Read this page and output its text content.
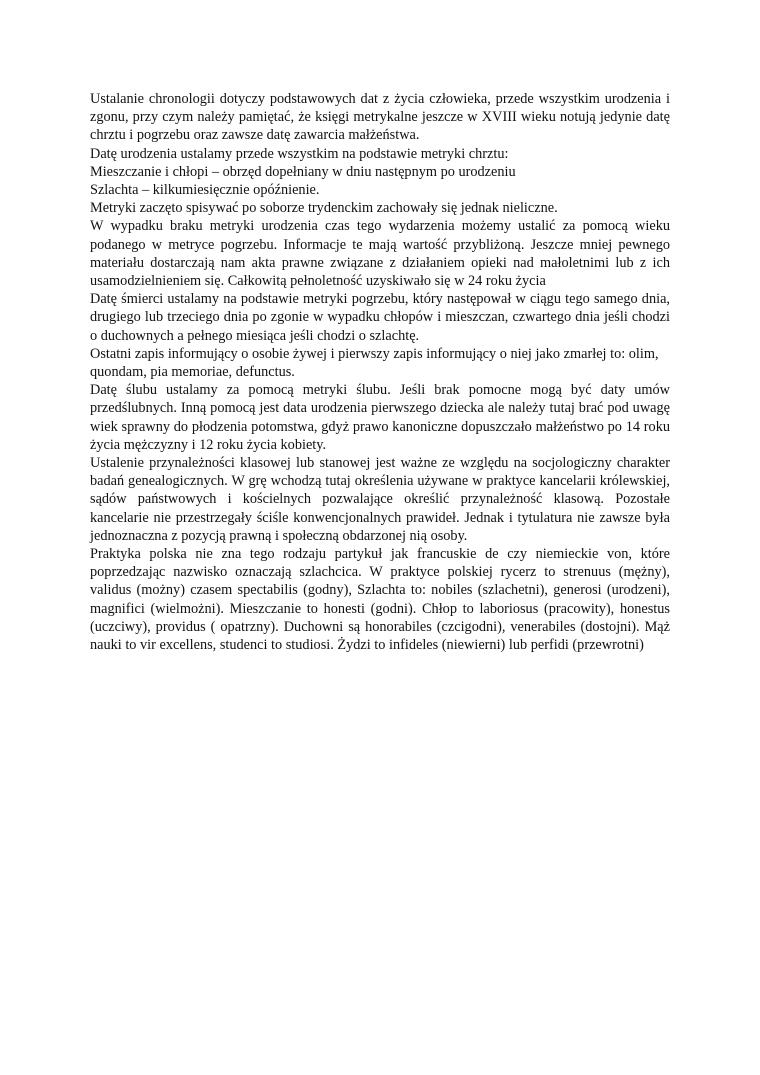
Ustalanie chronologii dotyczy podstawowych dat z życia człowieka, przede wszystkim urodzenia i zgonu, przy czym należy pamiętać, że księgi metrykalne jeszcze w XVIII wieku notują jedynie datę chrztu i pogrzebu oraz zawsze datę zawarcia małżeństwa.

Datę urodzenia ustalamy przede wszystkim na podstawie metryki chrztu:

Mieszczanie i chłopi – obrzęd dopełniany w dniu następnym po urodzeniu

Szlachta – kilkumiesięcznie opóźnienie.

Metryki zaczęto spisywać po soborze trydenckim zachowały się jednak nieliczne.

W wypadku braku metryki urodzenia czas tego wydarzenia możemy ustalić za pomocą wieku podanego w metryce pogrzebu. Informacje te mają wartość przybliżoną. Jeszcze mniej pewnego materiału dostarczają nam akta prawne związane z działaniem opieki nad małoletnimi lub z ich usamodzielnieniem się. Całkowitą pełnoletność uzyskiwało się w 24 roku życia

Datę śmierci ustalamy na podstawie metryki pogrzebu, który następował w ciągu tego samego dnia, drugiego lub trzeciego dnia po zgonie w wypadku chłopów i mieszczan, czwartego dnia jeśli chodzi o duchownych a pełnego miesiąca jeśli chodzi o szlachtę.

Ostatni zapis informujący o osobie żywej i pierwszy zapis informujący o niej jako zmarłej to: olim, quondam, pia memoriae, defunctus.

Datę ślubu ustalamy za pomocą metryki ślubu. Jeśli brak pomocne mogą być daty umów przedślubnych. Inną pomocą jest data urodzenia pierwszego dziecka ale należy tutaj brać pod uwagę wiek sprawny do płodzenia potomstwa, gdyż prawo kanoniczne dopuszczało małżeństwo po 14 roku życia mężczyzny i 12 roku życia kobiety.

Ustalenie przynależności klasowej lub stanowej jest ważne ze względu na socjologiczny charakter badań genealogicznych. W grę wchodzą tutaj określenia używane w praktyce kancelarii królewskiej, sądów państwowych i kościelnych pozwalające określić przynależność klasową. Pozostałe kancelarie nie przestrzegały ściśle konwencjonalnych prawideł. Jednak i tytulatura nie zawsze była jednoznaczna z pozycją prawną i społeczną obdarzonej nią osoby.

Praktyka polska nie zna tego rodzaju partykuł jak francuskie de czy niemieckie von, które poprzedzając nazwisko oznaczają szlachcica. W praktyce polskiej rycerz to strenuus (mężny), validus (możny) czasem spectabilis (godny), Szlachta to: nobiles (szlachetni), generosi (urodzeni), magnifici (wielmożni). Mieszczanie to honesti (godni). Chłop to laboriosus (pracowity), honestus (uczciwy), providus ( opatrzny). Duchowni są honorabiles (czcigodni), venerabiles (dostojni). Mąż nauki to vir excellens, studenci to studiosi. Żydzi to infideles (niewierni) lub perfidi (przewrotni)
